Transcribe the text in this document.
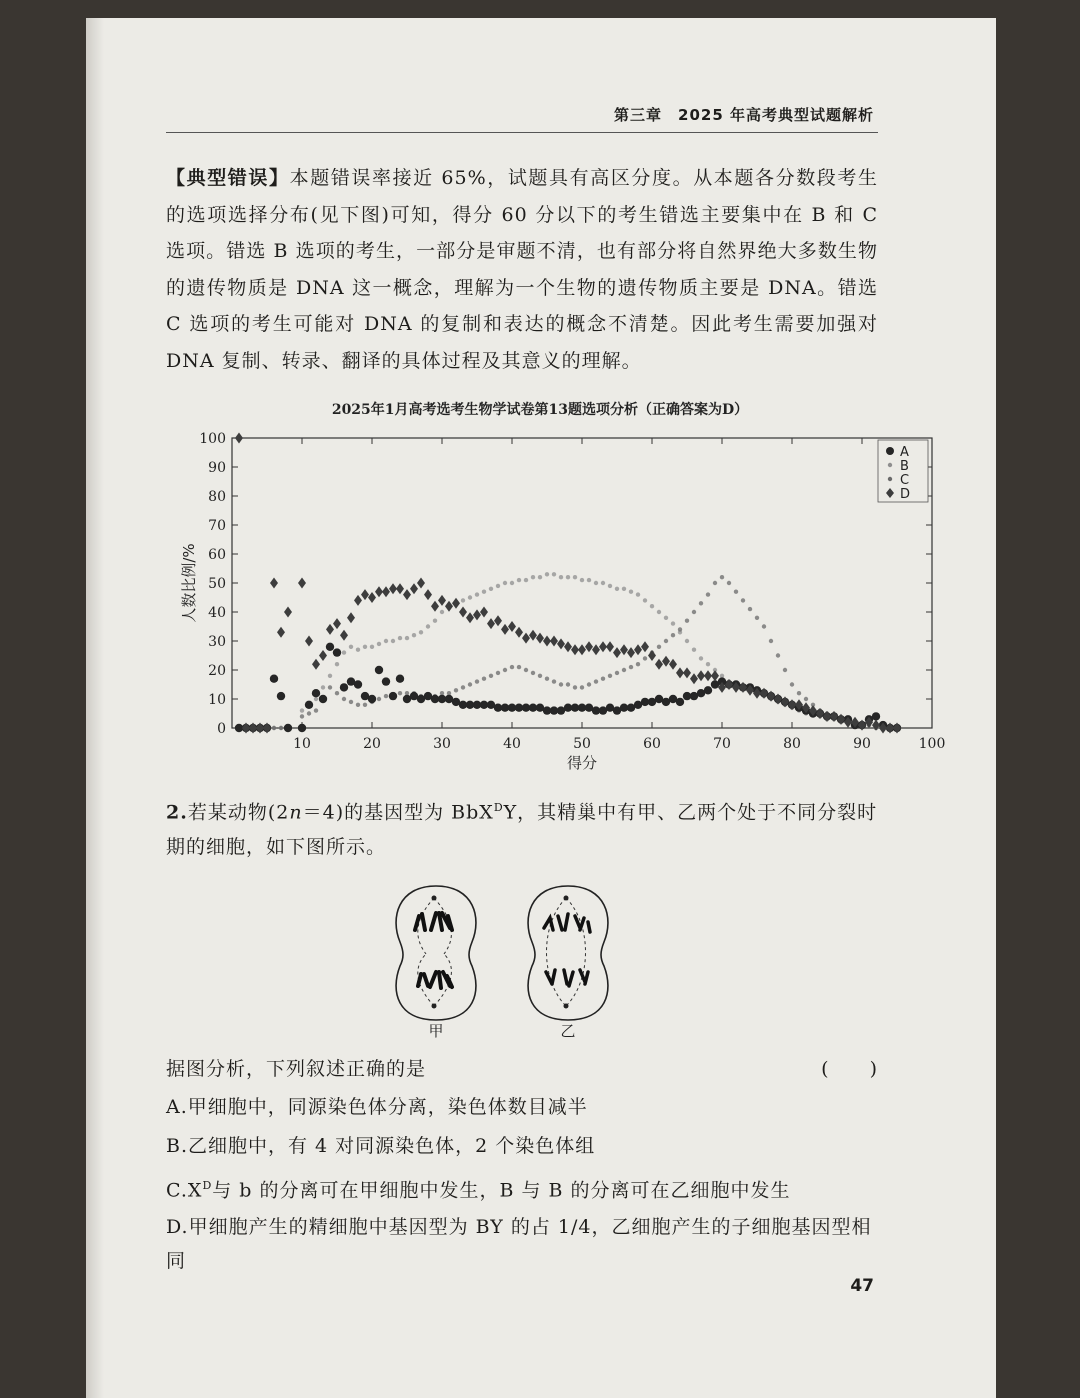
第三章　2025 年高考典型试题解析
【典型错误】本题错误率接近 65%，试题具有高区分度。从本题各分数段考生的选项选择分布(见下图)可知，得分 60 分以下的考生错选主要集中在 B 和 C 选项。错选 B 选项的考生，一部分是审题不清，也有部分将自然界绝大多数生物的遗传物质是 DNA 这一概念，理解为一个生物的遗传物质主要是 DNA。错选 C 选项的考生可能对 DNA 的复制和表达的概念不清楚。因此考生需要加强对 DNA 复制、转录、翻译的具体过程及其意义的理解。
2025年1月高考选考生物学试卷第13题选项分析（正确答案为D）
0
10
20
30
40
50
60
70
80
90
100
10	20	30	40	50	60	70	80	90	100
A
B
C
D
得分
人数比例/%
2.若某动物(2n＝4)的基因型为 BbX$^D$Y，其精巢中有甲、乙两个处于不同分裂时期的细胞，如下图所示。
甲	乙
据图分析，下列叙述正确的是	(　　)
A.甲细胞中，同源染色体分离，染色体数目减半
B.乙细胞中，有 4 对同源染色体，2 个染色体组
$C.X^D$与 b 的分离可在甲细胞中发生，B 与 B 的分离可在乙细胞中发生
D.甲细胞产生的精细胞中基因型为 BY 的占 1/4，乙细胞产生的子细胞基因型相同
47
